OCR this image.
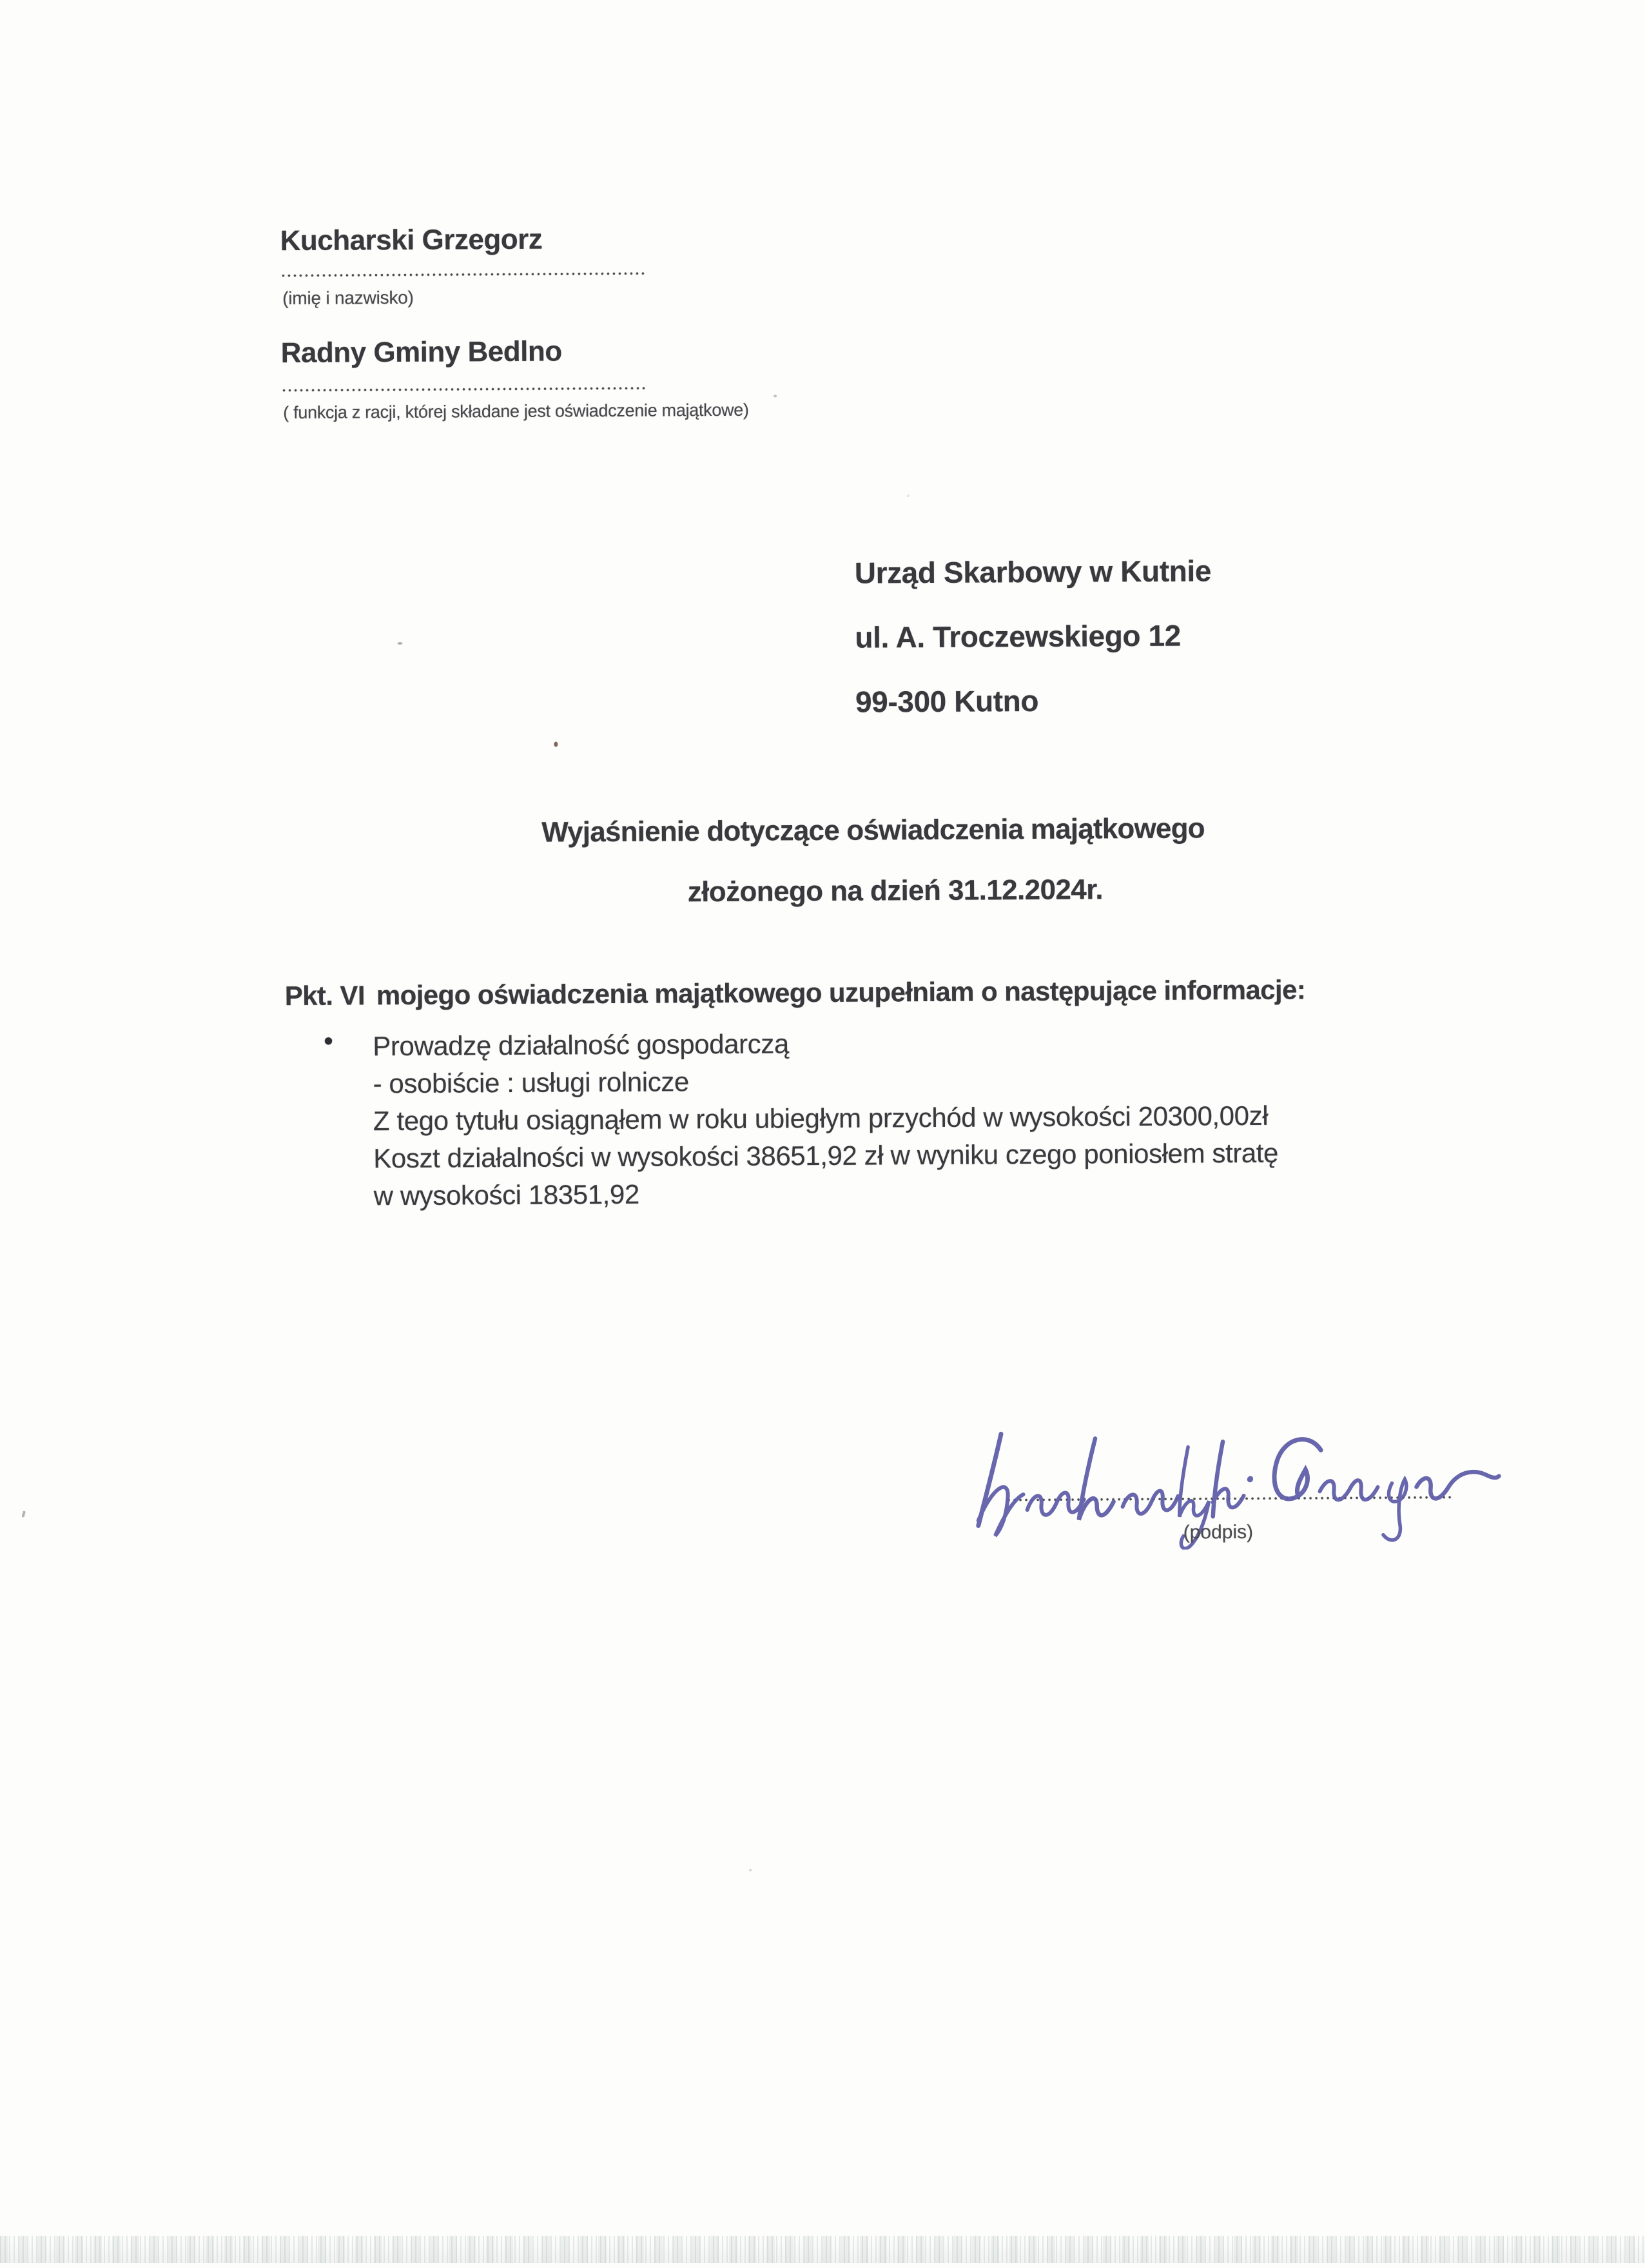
Kucharski Grzegorz
(imię i nazwisko)
Radny Gminy Bedlno
( funkcja z racji, której składane jest oświadczenie majątkowe)
Urząd Skarbowy w Kutnie
ul. A. Troczewskiego 12
99-300 Kutno
Wyjaśnienie dotyczące oświadczenia majątkowego
złożonego na dzień 31.12.2024r.
Pkt. VI mojego oświadczenia majątkowego uzupełniam o następujące informacje:
• Prowadzę działalność gospodarczą
- osobiście : usługi rolnicze
Z tego tytułu osiągnąłem w roku ubiegłym przychód w wysokości 20300,00zł
Koszt działalności w wysokości 38651,92 zł w wyniku czego poniosłem stratę
w wysokości 18351,92
(podpis)
